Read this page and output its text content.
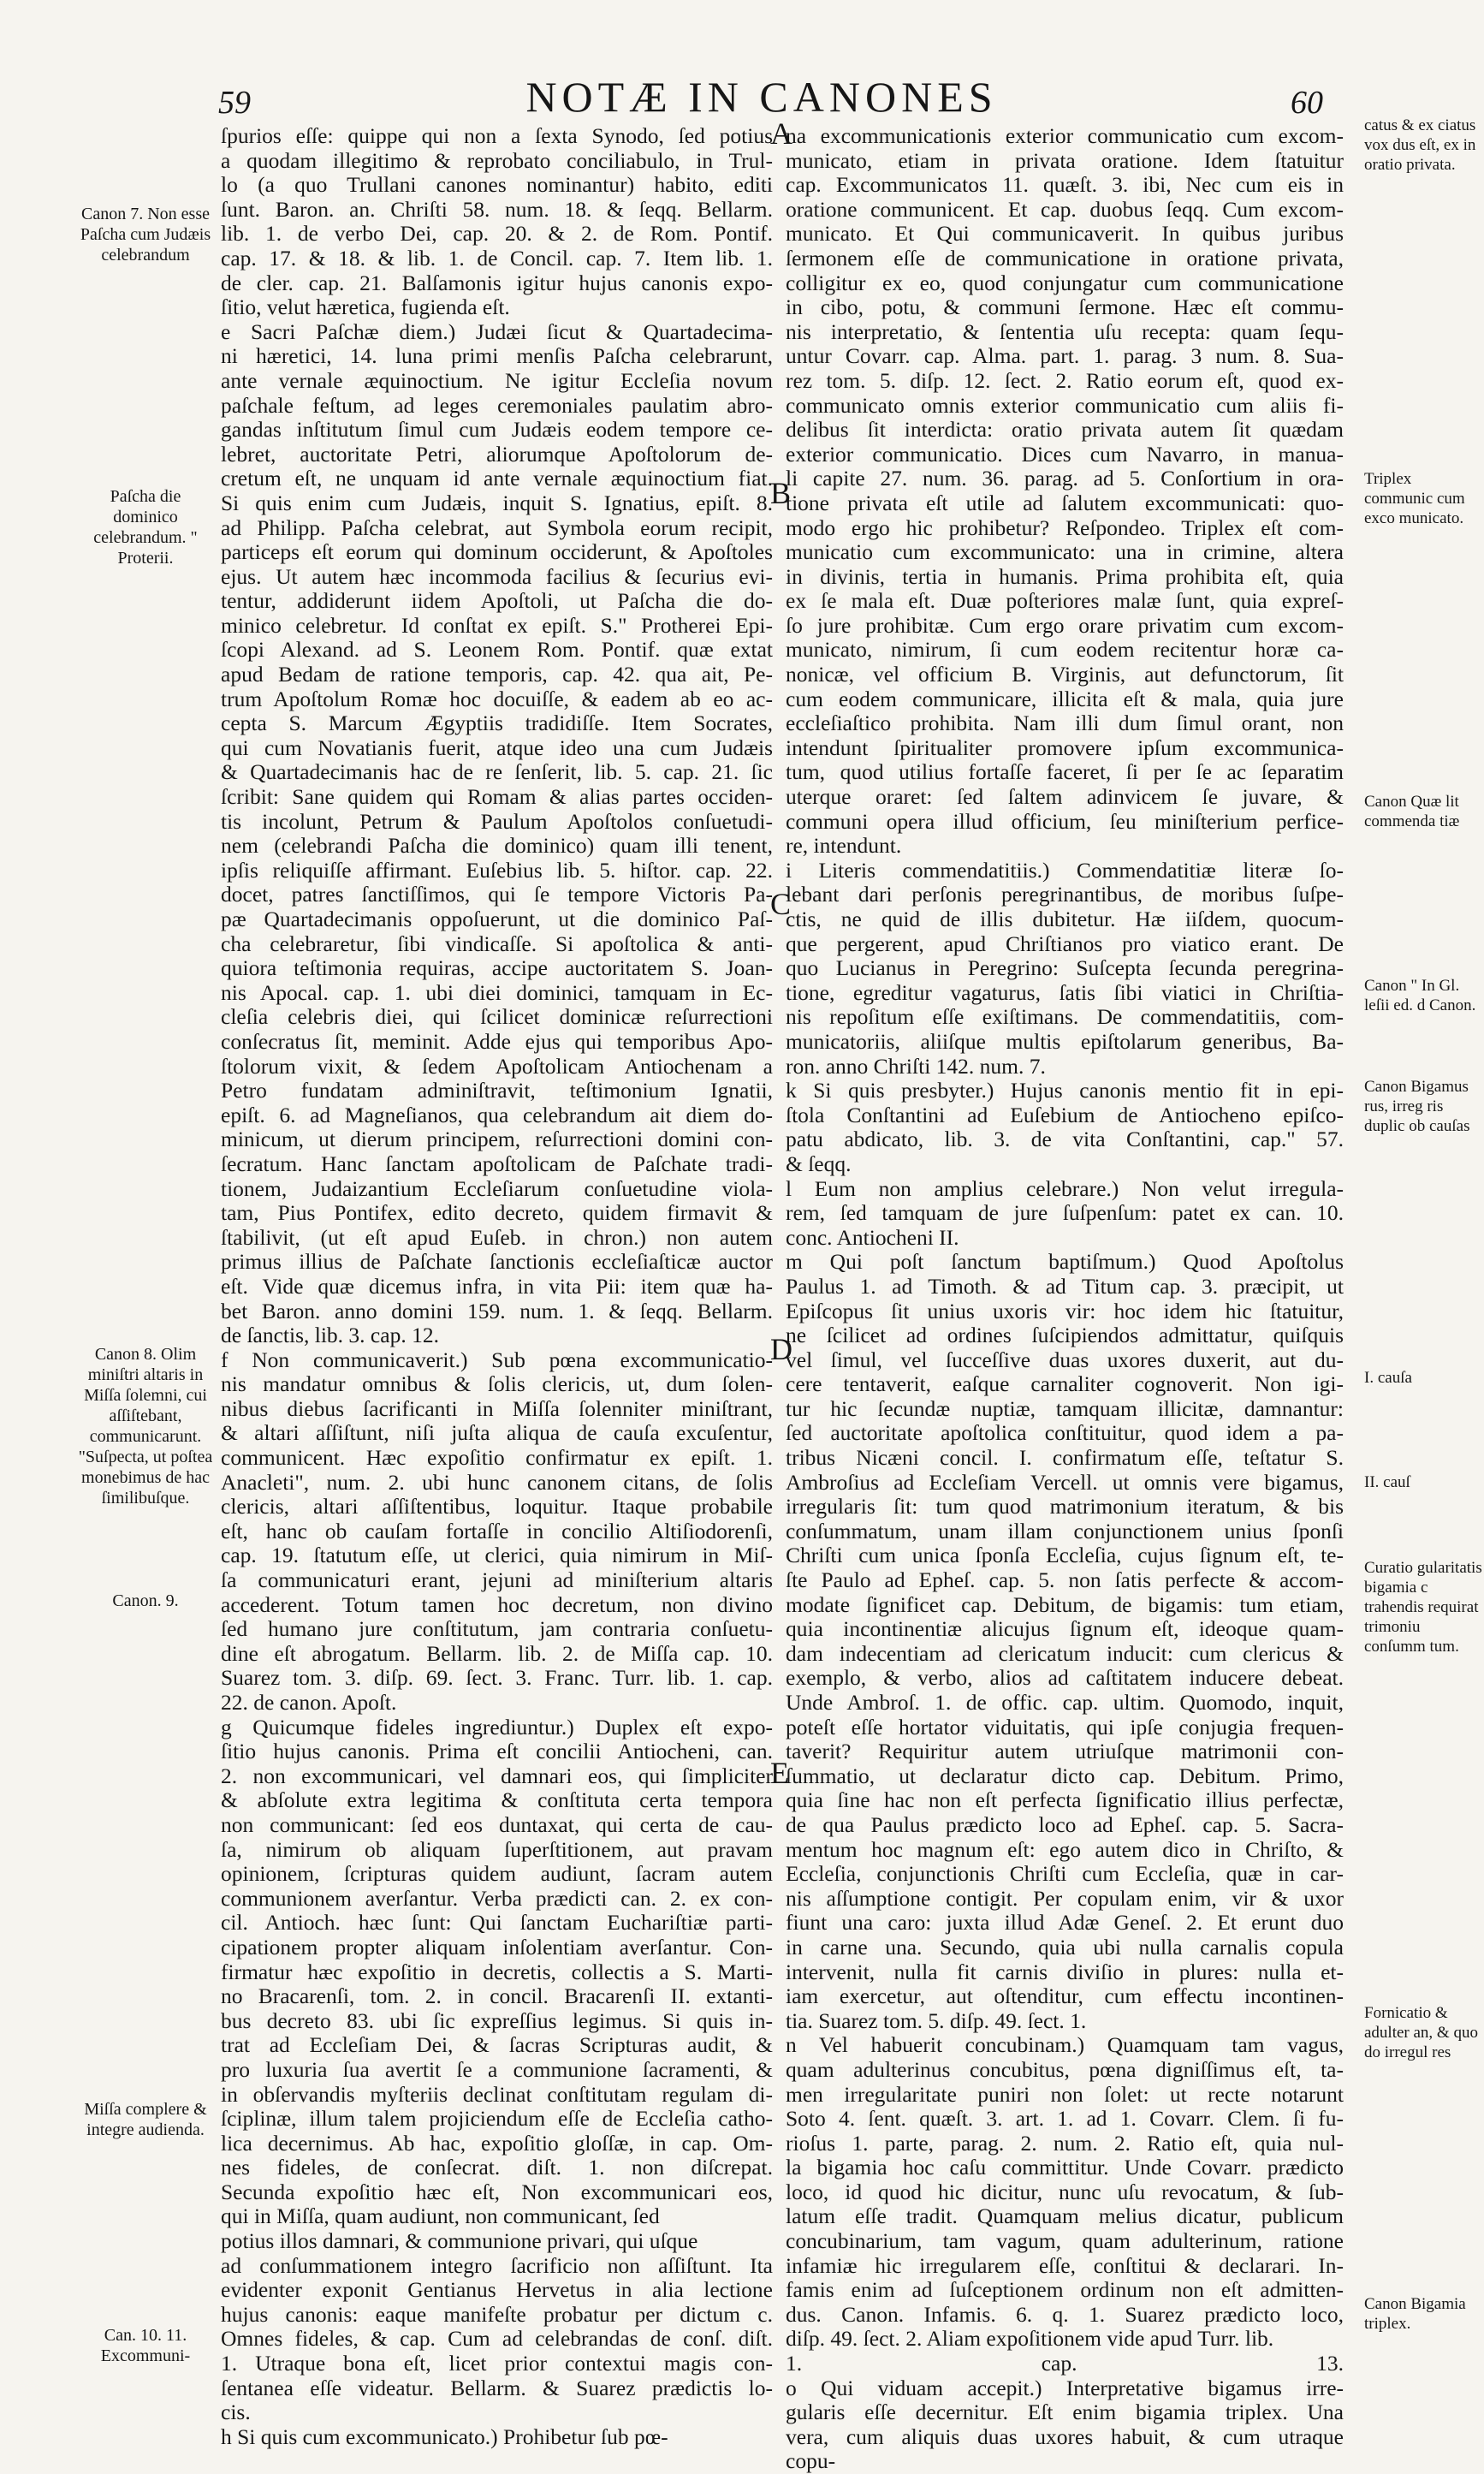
59	NOTÆ IN CANONES	60
Canon 7. Non esse Paſcha cum Judæis celebrandum
Paſcha die dominico celebrandum. " Proterii.
Canon 8. Olim miniſtri altaris in Miſſa ſolemni, cui aſſiſtebant, communicarunt. "Suſpecta, ut poſtea monebimus de hac ſimilibuſque.
Canon. 9.
Miſſa complere & integre audienda.
Can. 10. 11. Excommuni-
A
B
C
D
E
ſpurios eſſe: quippe qui non a ſexta Synodo, ſed potius
a quodam illegitimo & reprobato conciliabulo, in Trul-
lo (a quo Trullani canones nominantur) habito, editi
ſunt. Baron. an. Chriſti 58. num. 18. & ſeqq. Bellarm.
lib. 1. de verbo Dei, cap. 20. & 2. de Rom. Pontif.
cap. 17. & 18. & lib. 1. de Concil. cap. 7. Item lib. 1.
de cler. cap. 21. Balſamonis igitur hujus canonis expo-
ſitio, velut hæretica, fugienda eſt.
e Sacri Paſchæ diem.) Judæi ſicut & Quartadecima-
ni hæretici, 14. luna primi menſis Paſcha celebrarunt,
ante vernale æquinoctium. Ne igitur Eccleſia novum
paſchale feſtum, ad leges ceremoniales paulatim abro-
gandas inſtitutum ſimul cum Judæis eodem tempore ce-
lebret, auctoritate Petri, aliorumque Apoſtolorum de-
cretum eſt, ne unquam id ante vernale æquinoctium fiat.
Si quis enim cum Judæis, inquit S. Ignatius, epiſt. 8.
ad Philipp. Paſcha celebrat, aut Symbola eorum recipit,
particeps eſt eorum qui dominum occiderunt, & Apoſtoles
ejus. Ut autem hæc incommoda facilius & ſecurius evi-
tentur, addiderunt iidem Apoſtoli, ut Paſcha die do-
minico celebretur. Id conſtat ex epiſt. S." Protherei Epi-
ſcopi Alexand. ad S. Leonem Rom. Pontif. quæ extat
apud Bedam de ratione temporis, cap. 42. qua ait, Pe-
trum Apoſtolum Romæ hoc docuiſſe, & eadem ab eo ac-
cepta S. Marcum Ægyptiis tradidiſſe. Item Socrates,
qui cum Novatianis fuerit, atque ideo una cum Judæis
& Quartadecimanis hac de re ſenſerit, lib. 5. cap. 21. ſic
ſcribit: Sane quidem qui Romam & alias partes occiden-
tis incolunt, Petrum & Paulum Apoſtolos conſuetudi-
nem (celebrandi Paſcha die dominico) quam illi tenent,
ipſis reliquiſſe affirmant. Euſebius lib. 5. hiſtor. cap. 22.
docet, patres ſanctiſſimos, qui ſe tempore Victoris Pa-
pæ Quartadecimanis oppoſuerunt, ut die dominico Paſ-
cha celebraretur, ſibi vindicaſſe. Si apoſtolica & anti-
quiora teſtimonia requiras, accipe auctoritatem S. Joan-
nis Apocal. cap. 1. ubi diei dominici, tamquam in Ec-
cleſia celebris diei, qui ſcilicet dominicæ reſurrectioni
conſecratus ſit, meminit. Adde ejus qui temporibus Apo-
ſtolorum vixit, & ſedem Apoſtolicam Antiochenam a
Petro fundatam adminiſtravit, teſtimonium Ignatii,
epiſt. 6. ad Magneſianos, qua celebrandum ait diem do-
minicum, ut dierum principem, reſurrectioni domini con-
ſecratum. Hanc ſanctam apoſtolicam de Paſchate tradi-
tionem, Judaizantium Eccleſiarum conſuetudine viola-
tam, Pius Pontifex, edito decreto, quidem firmavit &
ſtabilivit, (ut eſt apud Euſeb. in chron.) non autem
primus illius de Paſchate ſanctionis eccleſiaſticæ auctor
eſt. Vide quæ dicemus infra, in vita Pii: item quæ ha-
bet Baron. anno domini 159. num. 1. & ſeqq. Bellarm.
de ſanctis, lib. 3. cap. 12.
f Non communicaverit.) Sub pœna excommunicatio-
nis mandatur omnibus & ſolis clericis, ut, dum ſolen-
nibus diebus ſacrificanti in Miſſa ſolenniter miniſtrant,
& altari aſſiſtunt, niſi juſta aliqua de cauſa excuſentur,
communicent. Hæc expoſitio confirmatur ex epiſt. 1.
Anacleti", num. 2. ubi hunc canonem citans, de ſolis
clericis, altari aſſiſtentibus, loquitur. Itaque probabile
eſt, hanc ob cauſam fortaſſe in concilio Altiſiodorenſi,
cap. 19. ſtatutum eſſe, ut clerici, quia nimirum in Miſ-
ſa communicaturi erant, jejuni ad miniſterium altaris
accederent. Totum tamen hoc decretum, non divino
ſed humano jure conſtitutum, jam contraria conſuetu-
dine eſt abrogatum. Bellarm. lib. 2. de Miſſa cap. 10.
Suarez tom. 3. diſp. 69. ſect. 3. Franc. Turr. lib. 1. cap.
22. de canon. Apoſt.
g Quicumque fideles ingrediuntur.) Duplex eſt expo-
ſitio hujus canonis. Prima eſt concilii Antiocheni, can.
2. non excommunicari, vel damnari eos, qui ſimpliciter
& abſolute extra legitima & conſtituta certa tempora
non communicant: ſed eos duntaxat, qui certa de cau-
ſa, nimirum ob aliquam ſuperſtitionem, aut pravam
opinionem, ſcripturas quidem audiunt, ſacram autem
communionem averſantur. Verba prædicti can. 2. ex con-
cil. Antioch. hæc ſunt: Qui ſanctam Euchariſtiæ parti-
cipationem propter aliquam inſolentiam averſantur. Con-
firmatur hæc expoſitio in decretis, collectis a S. Marti-
no Bracarenſi, tom. 2. in concil. Bracarenſi II. extanti-
bus decreto 83. ubi ſic expreſſius legimus. Si quis in-
trat ad Eccleſiam Dei, & ſacras Scripturas audit, &
pro luxuria ſua avertit ſe a communione ſacramenti, &
in obſervandis myſteriis declinat conſtitutam regulam di-
ſciplinæ, illum talem projiciendum eſſe de Eccleſia catho-
lica decernimus. Ab hac, expoſitio gloſſæ, in cap. Om-
nes fideles, de conſecrat. diſt. 1. non diſcrepat.
Secunda expoſitio hæc eſt, Non excommunicari eos,
qui in Miſſa, quam audiunt, non communicant, ſed
potius illos damnari, & communione privari, qui uſque
ad conſummationem integro ſacrificio non aſſiſtunt. Ita
evidenter exponit Gentianus Hervetus in alia lectione
hujus canonis: eaque manifeſte probatur per dictum c.
Omnes fideles, & cap. Cum ad celebrandas de conſ. diſt.
1. Utraque bona eſt, licet prior contextui magis con-
ſentanea eſſe videatur. Bellarm. & Suarez prædictis lo-
cis.
h Si quis cum excommunicato.) Prohibetur ſub pœ-
na excommunicationis exterior communicatio cum excom-
municato, etiam in privata oratione. Idem ſtatuitur
cap. Excommunicatos 11. quæſt. 3. ibi, Nec cum eis in
oratione communicent. Et cap. duobus ſeqq. Cum excom-
municato. Et Qui communicaverit. In quibus juribus
ſermonem eſſe de communicatione in oratione privata,
colligitur ex eo, quod conjungatur cum communicatione
in cibo, potu, & communi ſermone. Hæc eſt commu-
nis interpretatio, & ſententia uſu recepta: quam ſequ-
untur Covarr. cap. Alma. part. 1. parag. 3 num. 8. Sua-
rez tom. 5. diſp. 12. ſect. 2. Ratio eorum eſt, quod ex-
communicato omnis exterior communicatio cum aliis fi-
delibus ſit interdicta: oratio privata autem ſit quædam
exterior communicatio. Dices cum Navarro, in manua-
li capite 27. num. 36. parag. ad 5. Conſortium in ora-
tione privata eſt utile ad ſalutem excommunicati: quo-
modo ergo hic prohibetur? Reſpondeo. Triplex eſt com-
municatio cum excommunicato: una in crimine, altera
in divinis, tertia in humanis. Prima prohibita eſt, quia
ex ſe mala eſt. Duæ poſteriores malæ ſunt, quia expreſ-
ſo jure prohibitæ. Cum ergo orare privatim cum excom-
municato, nimirum, ſi cum eodem recitentur horæ ca-
nonicæ, vel officium B. Virginis, aut defunctorum, ſit
cum eodem communicare, illicita eſt & mala, quia jure
eccleſiaſtico prohibita. Nam illi dum ſimul orant, non
intendunt ſpiritualiter promovere ipſum excommunica-
tum, quod utilius fortaſſe faceret, ſi per ſe ac ſeparatim
uterque oraret: ſed ſaltem adinvicem ſe juvare, &
communi opera illud officium, ſeu miniſterium perfice-
re, intendunt.
i Literis commendatitiis.) Commendatitiæ literæ ſo-
lebant dari perſonis peregrinantibus, de moribus ſuſpe-
ctis, ne quid de illis dubitetur. Hæ iiſdem, quocum-
que pergerent, apud Chriſtianos pro viatico erant. De
quo Lucianus in Peregrino: Suſcepta ſecunda peregrina-
tione, egreditur vagaturus, ſatis ſibi viatici in Chriſtia-
nis repoſitum eſſe exiſtimans. De commendatitiis, com-
municatoriis, aliiſque multis epiſtolarum generibus, Ba-
ron. anno Chriſti 142. num. 7.
k Si quis presbyter.) Hujus canonis mentio fit in epi-
ſtola Conſtantini ad Euſebium de Antiocheno epiſco-
patu abdicato, lib. 3. de vita Conſtantini, cap." 57.
& ſeqq.
l Eum non amplius celebrare.) Non velut irregula-
rem, ſed tamquam de jure ſuſpenſum: patet ex can. 10.
conc. Antiocheni II.
m Qui poſt ſanctum baptiſmum.) Quod Apoſtolus
Paulus 1. ad Timoth. & ad Titum cap. 3. præcipit, ut
Epiſcopus ſit unius uxoris vir: hoc idem hic ſtatuitur,
ne ſcilicet ad ordines ſuſcipiendos admittatur, quiſquis
vel ſimul, vel ſucceſſive duas uxores duxerit, aut du-
cere tentaverit, eaſque carnaliter cognoverit. Non igi-
tur hic ſecundæ nuptiæ, tamquam illicitæ, damnantur:
ſed auctoritate apoſtolica conſtituitur, quod idem a pa-
tribus Nicæni concil. I. confirmatum eſſe, teſtatur S.
Ambroſius ad Eccleſiam Vercell. ut omnis vere bigamus,
irregularis ſit: tum quod matrimonium iteratum, & bis
conſummatum, unam illam conjunctionem unius ſponſi
Chriſti cum unica ſponſa Eccleſia, cujus ſignum eſt, te-
ſte Paulo ad Epheſ. cap. 5. non ſatis perfecte & accom-
modate ſignificet cap. Debitum, de bigamis: tum etiam,
quia incontinentiæ alicujus ſignum eſt, ideoque quam-
dam indecentiam ad clericatum inducit: cum clericus &
exemplo, & verbo, alios ad caſtitatem inducere debeat.
Unde Ambroſ. 1. de offic. cap. ultim. Quomodo, inquit,
poteſt eſſe hortator viduitatis, qui ipſe conjugia frequen-
taverit? Requiritur autem utriuſque matrimonii con-
ſummatio, ut declaratur dicto cap. Debitum. Primo,
quia ſine hac non eſt perfecta ſignificatio illius perfectæ,
de qua Paulus prædicto loco ad Epheſ. cap. 5. Sacra-
mentum hoc magnum eſt: ego autem dico in Chriſto, &
Eccleſia, conjunctionis Chriſti cum Eccleſia, quæ in car-
nis aſſumptione contigit. Per copulam enim, vir & uxor
fiunt una caro: juxta illud Adæ Geneſ. 2. Et erunt duo
in carne una. Secundo, quia ubi nulla carnalis copula
intervenit, nulla fit carnis diviſio in plures: nulla et-
iam exercetur, aut oſtenditur, cum effectu incontinen-
tia. Suarez tom. 5. diſp. 49. ſect. 1.
n Vel habuerit concubinam.) Quamquam tam vagus,
quam adulterinus concubitus, pœna digniſſimus eſt, ta-
men irregularitate puniri non ſolet: ut recte notarunt
Soto 4. ſent. quæſt. 3. art. 1. ad 1. Covarr. Clem. ſi fu-
rioſus 1. parte, parag. 2. num. 2. Ratio eſt, quia nul-
la bigamia hoc caſu committitur. Unde Covarr. prædicto
loco, id quod hic dicitur, nunc uſu revocatum, & ſub-
latum eſſe tradit. Quamquam melius dicatur, publicum
concubinarium, tam vagum, quam adulterinum, ratione
infamiæ hic irregularem eſſe, conſtitui & declarari. In-
famis enim ad ſuſceptionem ordinum non eſt admitten-
dus. Canon. Infamis. 6. q. 1. Suarez prædicto loco,
diſp. 49. ſect. 2. Aliam expoſitionem vide apud Turr. lib.
1. cap. 13.
o Qui viduam accepit.) Interpretative bigamus irre-
gularis eſſe decernitur. Eſt enim bigamia triplex. Una
vera, cum aliquis duas uxores habuit, & cum utraque
copu-
catus & ex ciatus vox dus eſt, ex in oratio privata.
Triplex communic cum exco municato.
Canon Quæ lit commenda tiæ
Canon " In Gl. leſii ed. d Canon.
Canon Bigamus rus, irreg ris duplic ob cauſas
I. cauſa
II. cauſ
Curatio gularitatis bigamia c trahendis requirat trimoniu conſumm tum.
Fornicatio & adulter an, & quo do irregul res
Canon Bigamia triplex.
